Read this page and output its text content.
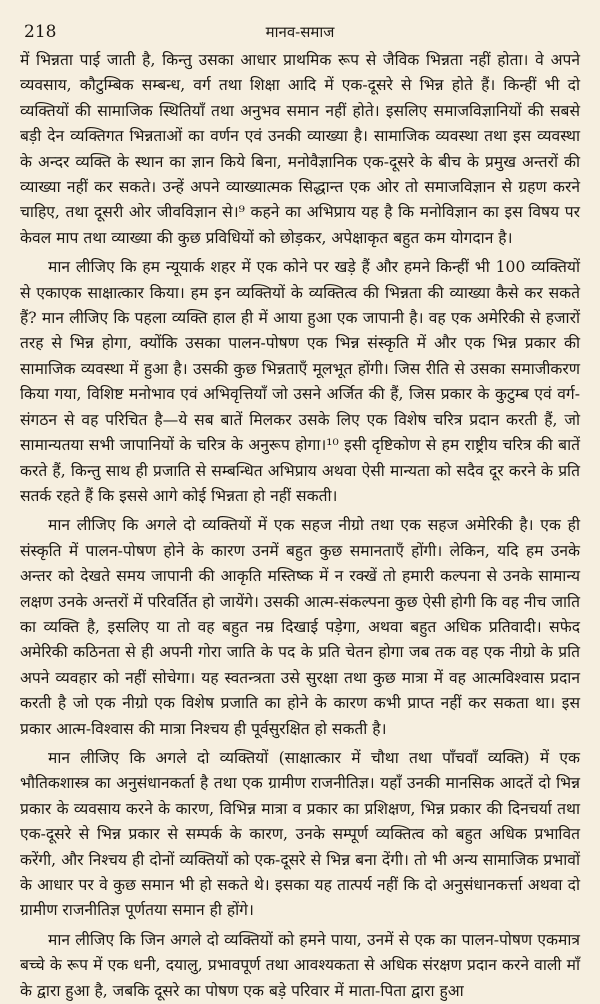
218	मानव-समाज

में भिन्नता पाई जाती है, किन्तु उसका आधार प्राथमिक रूप से जैविक भिन्नता नहीं होता। वे अपने व्यवसाय, कौटुम्बिक सम्बन्ध, वर्ग तथा शिक्षा आदि में एक-दूसरे से भिन्न होते हैं। किन्हीं भी दो व्यक्तियों की सामाजिक स्थितियाँ तथा अनुभव समान नहीं होते। इसलिए समाजविज्ञानियों की सबसे बड़ी देन व्यक्तिगत भिन्नताओं का वर्णन एवं उनकी व्याख्या है। सामाजिक व्यवस्था तथा इस व्यवस्था के अन्दर व्यक्ति के स्थान का ज्ञान किये बिना, मनोवैज्ञानिक एक-दूसरे के बीच के प्रमुख अन्तरों की व्याख्या नहीं कर सकते। उन्हें अपने व्याख्यात्मक सिद्धान्त एक ओर तो समाजविज्ञान से ग्रहण करने चाहिए, तथा दूसरी ओर जीवविज्ञान से।⁹ कहने का अभिप्राय यह है कि मनोविज्ञान का इस विषय पर केवल माप तथा व्याख्या की कुछ प्रविधियों को छोड़कर, अपेक्षाकृत बहुत कम योगदान है।

मान लीजिए कि हम न्यूयार्क शहर में एक कोने पर खड़े हैं और हमने किन्हीं भी 100 व्यक्तियों से एकाएक साक्षात्कार किया। हम इन व्यक्तियों के व्यक्तित्व की भिन्नता की व्याख्या कैसे कर सकते हैं? मान लीजिए कि पहला व्यक्ति हाल ही में आया हुआ एक जापानी है। वह एक अमेरिकी से हजारों तरह से भिन्न होगा, क्योंकि उसका पालन-पोषण एक भिन्न संस्कृति में और एक भिन्न प्रकार की सामाजिक व्यवस्था में हुआ है। उसकी कुछ भिन्नताएँ मूलभूत होंगी। जिस रीति से उसका समाजीकरण किया गया, विशिष्ट मनोभाव एवं अभिवृत्तियाँ जो उसने अर्जित की हैं, जिस प्रकार के कुटुम्ब एवं वर्ग-संगठन से वह परिचित है—ये सब बातें मिलकर उसके लिए एक विशेष चरित्र प्रदान करती हैं, जो सामान्यतया सभी जापानियों के चरित्र के अनुरूप होगा।¹⁰ इसी दृष्टिकोण से हम राष्ट्रीय चरित्र की बातें करते हैं, किन्तु साथ ही प्रजाति से सम्बन्धित अभिप्राय अथवा ऐसी मान्यता को सदैव दूर करने के प्रति सतर्क रहते हैं कि इससे आगे कोई भिन्नता हो नहीं सकती।

मान लीजिए कि अगले दो व्यक्तियों में एक सहज नीग्रो तथा एक सहज अमेरिकी है। एक ही संस्कृति में पालन-पोषण होने के कारण उनमें बहुत कुछ समानताएँ होंगी। लेकिन, यदि हम उनके अन्तर को देखते समय जापानी की आकृति मस्तिष्क में न रक्खें तो हमारी कल्पना से उनके सामान्य लक्षण उनके अन्तरों में परिवर्तित हो जायेंगे। उसकी आत्म-संकल्पना कुछ ऐसी होगी कि वह नीच जाति का व्यक्ति है, इसलिए या तो वह बहुत नम्र दिखाई पड़ेगा, अथवा बहुत अधिक प्रतिवादी। सफेद अमेरिकी कठिनता से ही अपनी गोरा जाति के पद के प्रति चेतन होगा जब तक वह एक नीग्रो के प्रति अपने व्यवहार को नहीं सोचेगा। यह स्वतन्त्रता उसे सुरक्षा तथा कुछ मात्रा में वह आत्मविश्वास प्रदान करती है जो एक नीग्रो एक विशेष प्रजाति का होने के कारण कभी प्राप्त नहीं कर सकता था। इस प्रकार आत्म-विश्वास की मात्रा निश्चय ही पूर्वसुरक्षित हो सकती है।

मान लीजिए कि अगले दो व्यक्तियों (साक्षात्कार में चौथा तथा पाँचवाँ व्यक्ति) में एक भौतिकशास्त्र का अनुसंधानकर्ता है तथा एक ग्रामीण राजनीतिज्ञ। यहाँ उनकी मानसिक आदतें दो भिन्न प्रकार के व्यवसाय करने के कारण, विभिन्न मात्रा व प्रकार का प्रशिक्षण, भिन्न प्रकार की दिनचर्या तथा एक-दूसरे से भिन्न प्रकार से सम्पर्क के कारण, उनके सम्पूर्ण व्यक्तित्व को बहुत अधिक प्रभावित करेंगी, और निश्चय ही दोनों व्यक्तियों को एक-दूसरे से भिन्न बना देंगी। तो भी अन्य सामाजिक प्रभावों के आधार पर वे कुछ समान भी हो सकते थे। इसका यह तात्पर्य नहीं कि दो अनुसंधानकर्त्ता अथवा दो ग्रामीण राजनीतिज्ञ पूर्णतया समान ही होंगे।

मान लीजिए कि जिन अगले दो व्यक्तियों को हमने पाया, उनमें से एक का पालन-पोषण एकमात्र बच्चे के रूप में एक धनी, दयालु, प्रभावपूर्ण तथा आवश्यकता से अधिक संरक्षण प्रदान करने वाली माँ के द्वारा हुआ है, जबकि दूसरे का पोषण एक बड़े परिवार में माता-पिता द्वारा हुआ
